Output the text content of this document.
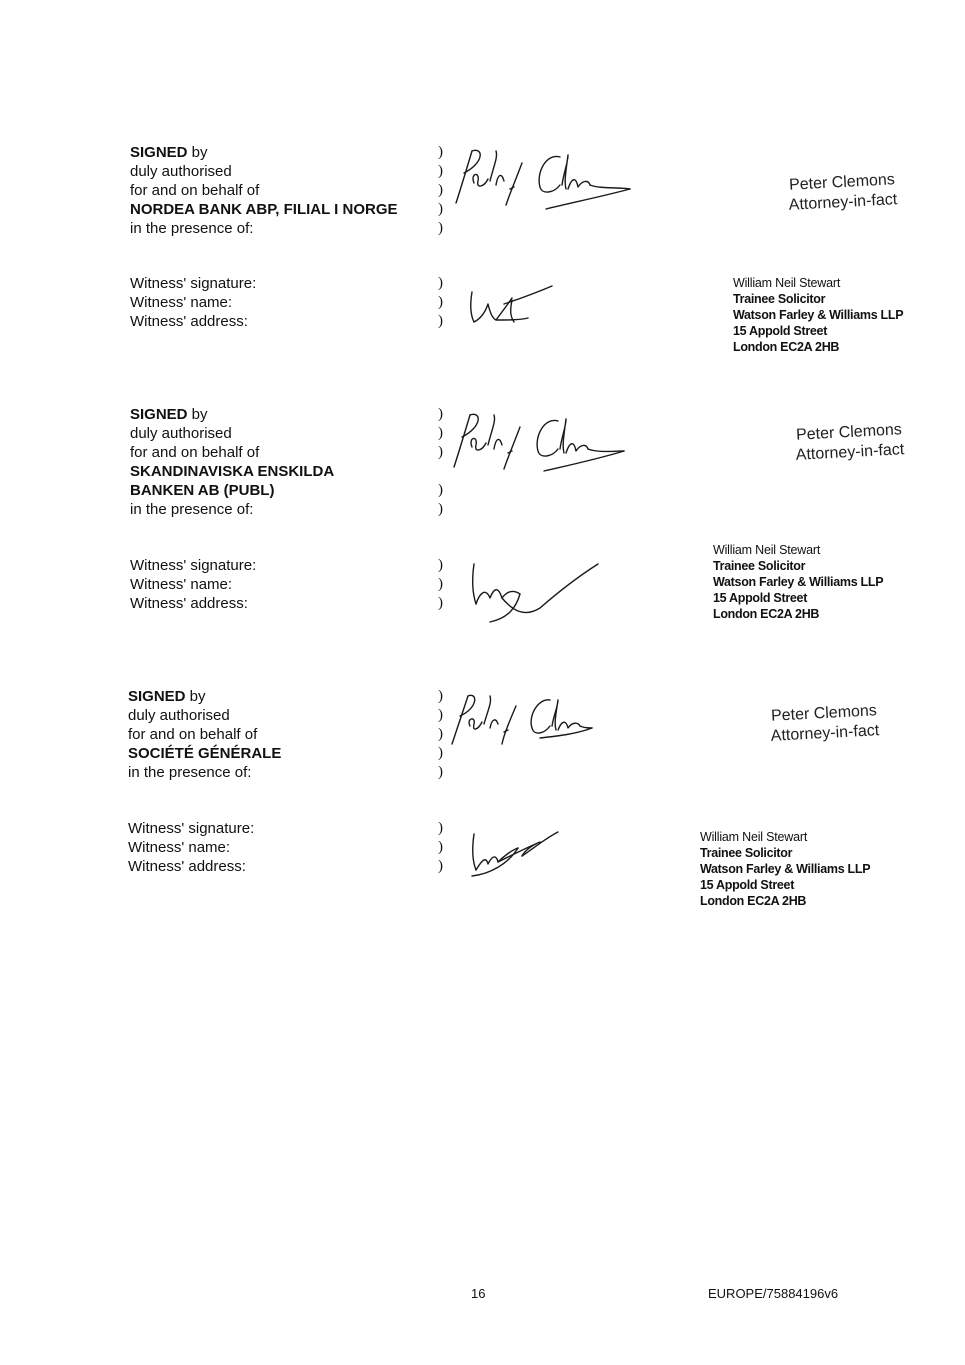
SIGNED by
duly authorised
for and on behalf of
NORDEA BANK ABP, FILIAL I NORGE
in the presence of:
)
)
)
)
)
Peter Clemons
Attorney-in-fact
Witness' signature:
Witness' name:
Witness' address:
)
)
)
William Neil Stewart
Trainee Solicitor
Watson Farley & Williams LLP
15 Appold Street
London EC2A 2HB
SIGNED by
duly authorised
for and on behalf of
SKANDINAVISKA ENSKILDA
BANKEN AB (PUBL)
in the presence of:
)
)
)
)
)
Peter Clemons
Attorney-in-fact
Witness' signature:
Witness' name:
Witness' address:
)
)
)
William Neil Stewart
Trainee Solicitor
Watson Farley & Williams LLP
15 Appold Street
London EC2A 2HB
SIGNED by
duly authorised
for and on behalf of
SOCIÉTÉ GÉNÉRALE
in the presence of:
)
)
)
)
)
Peter Clemons
Attorney-in-fact
Witness' signature:
Witness' name:
Witness' address:
)
)
)
William Neil Stewart
Trainee Solicitor
Watson Farley & Williams LLP
15 Appold Street
London EC2A 2HB
16	EUROPE/75884196v6
